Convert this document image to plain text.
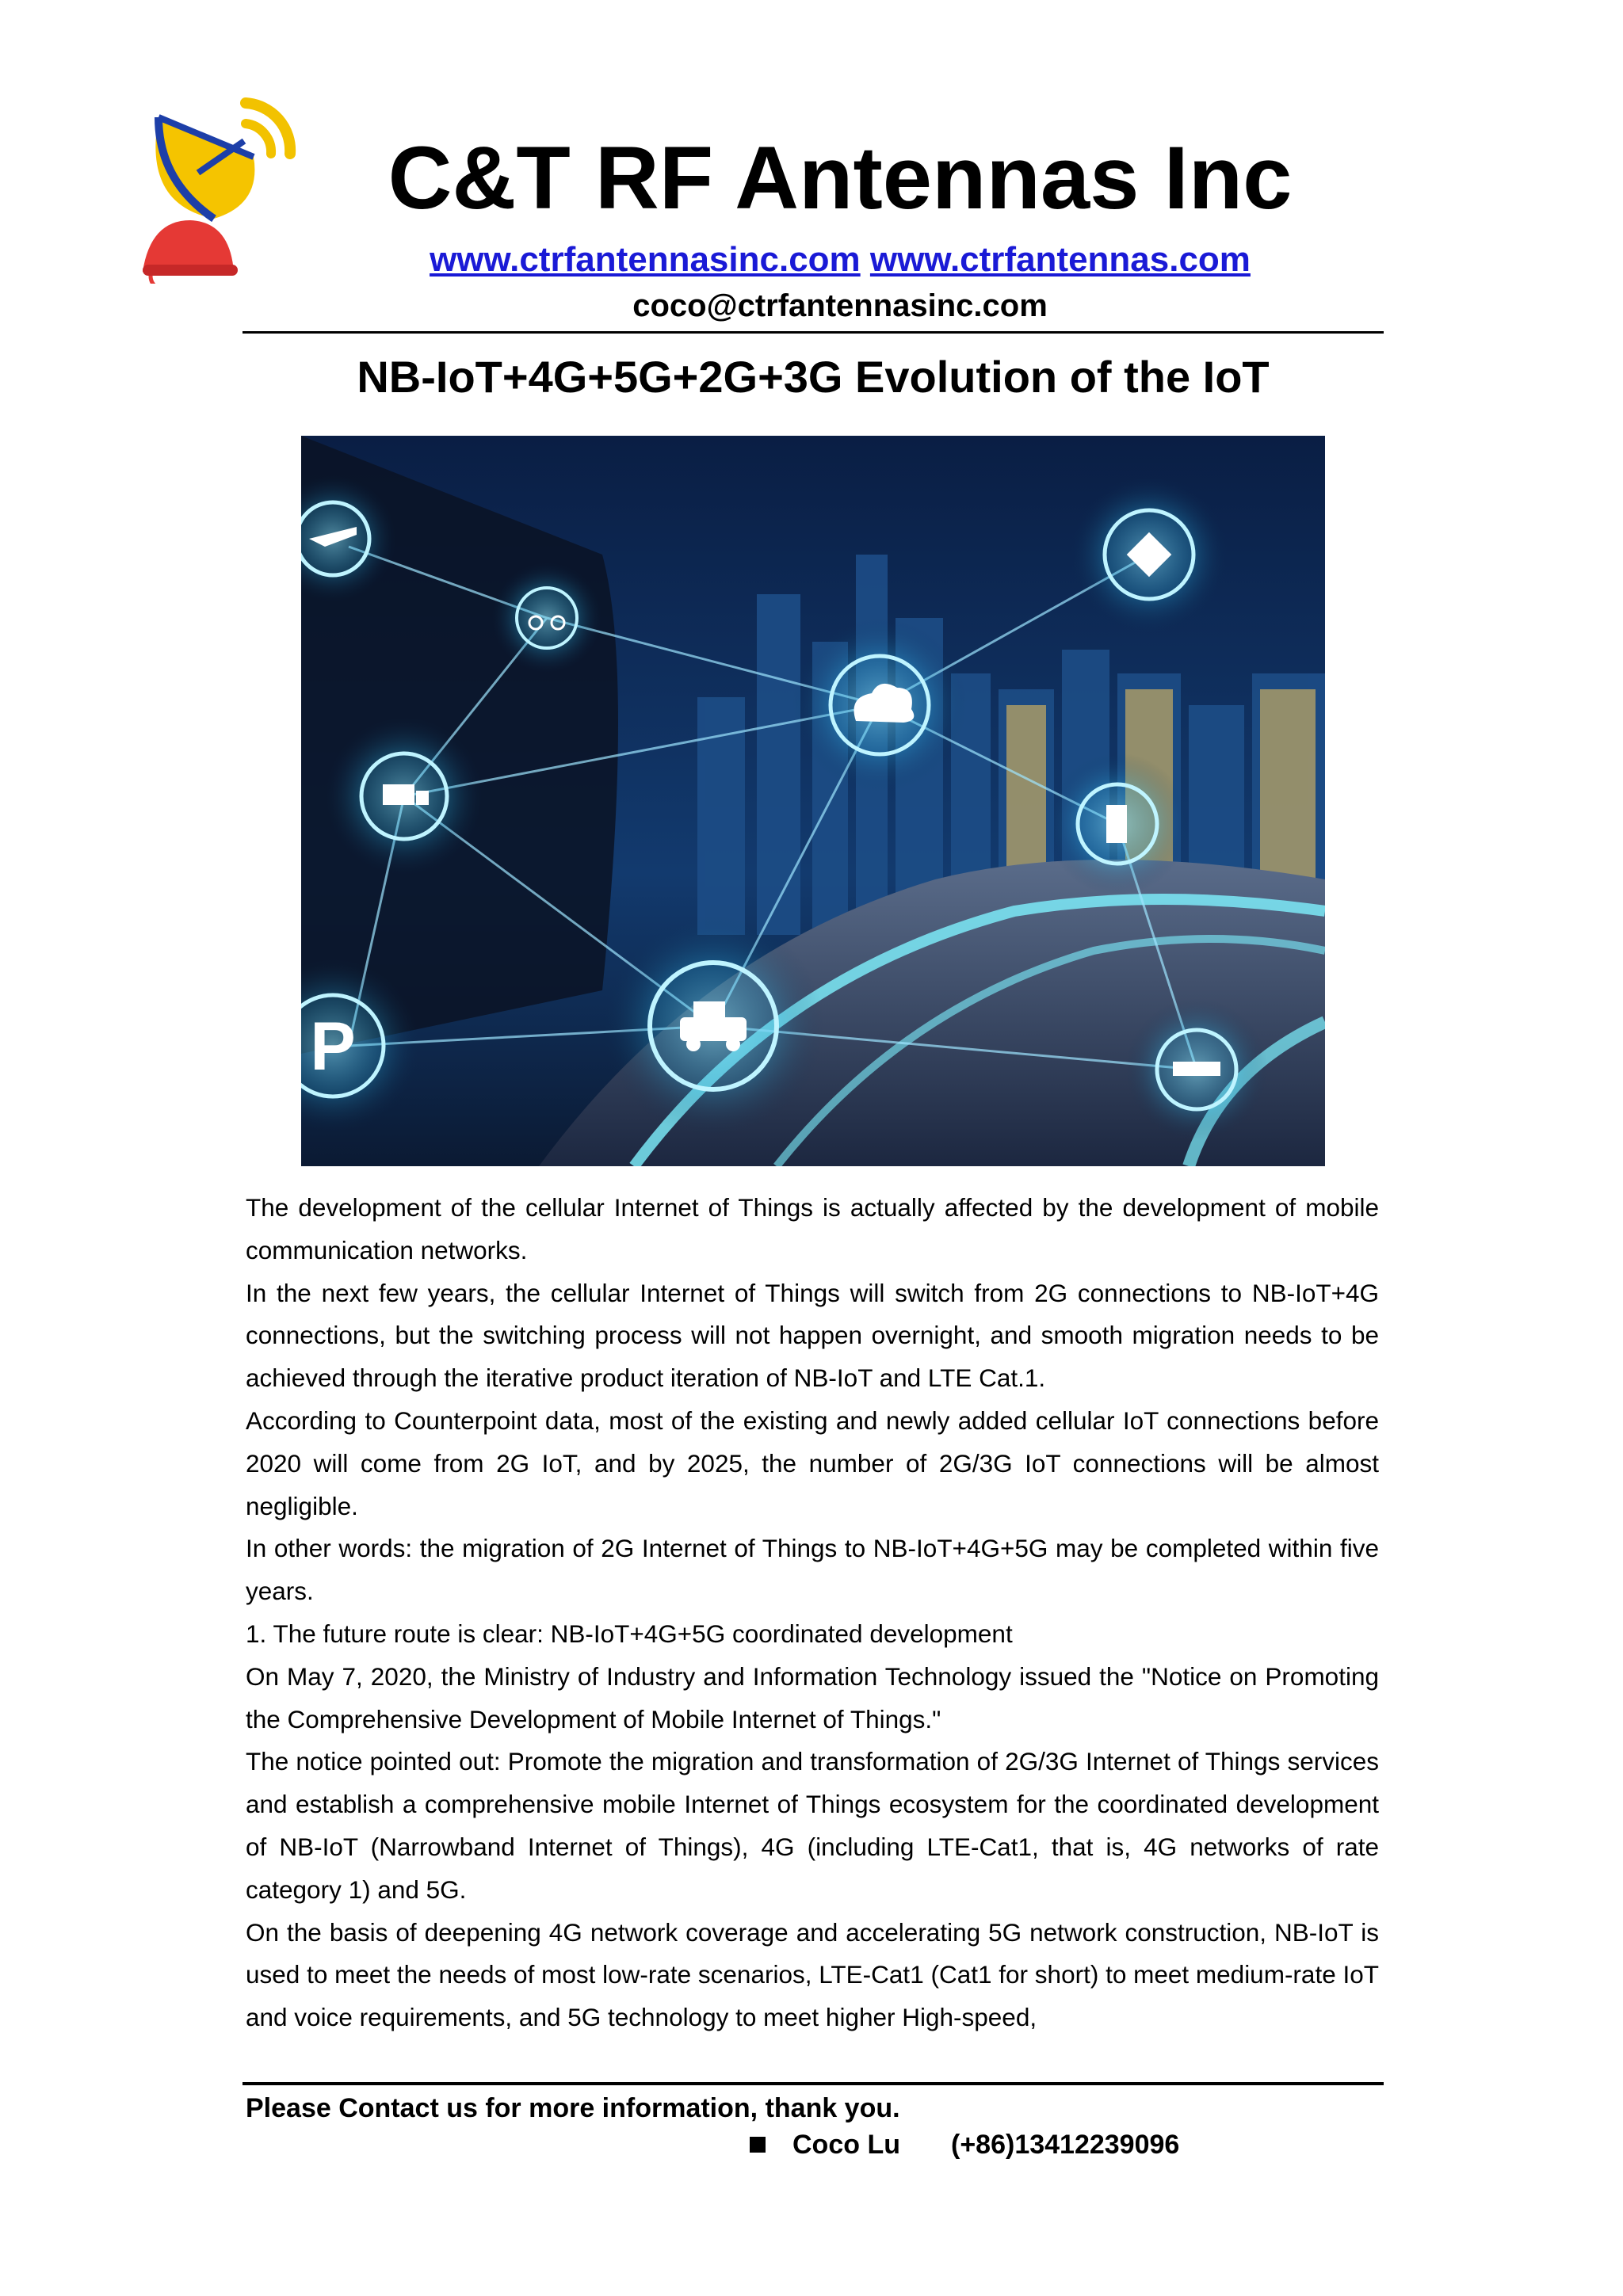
C&T RF Antennas Inc
www.ctrfantennasinc.com www.ctrfantennas.com
coco@ctrfantennasinc.com
NB-IoT+4G+5G+2G+3G Evolution of the IoT
P

The development of the cellular Internet of Things is actually affected by the development of mobile communication networks.

In the next few years, the cellular Internet of Things will switch from 2G connections to NB-IoT+4G connections, but the switching process will not happen overnight, and smooth migration needs to be achieved through the iterative product iteration of NB-IoT and LTE Cat.1.

According to Counterpoint data, most of the existing and newly added cellular IoT connections before 2020 will come from 2G IoT, and by 2025, the number of 2G/3G IoT connections will be almost negligible.

In other words: the migration of 2G Internet of Things to NB-IoT+4G+5G may be completed within five years.

1. The future route is clear: NB-IoT+4G+5G coordinated development

On May 7, 2020, the Ministry of Industry and Information Technology issued the "Notice on Promoting the Comprehensive Development of Mobile Internet of Things."

The notice pointed out: Promote the migration and transformation of 2G/3G Internet of Things services and establish a comprehensive mobile Internet of Things ecosystem for the coordinated development of NB-IoT (Narrowband Internet of Things), 4G (including LTE-Cat1, that is, 4G networks of rate category 1) and 5G.

On the basis of deepening 4G network coverage and accelerating 5G network construction, NB-IoT is used to meet the needs of most low-rate scenarios, LTE-Cat1 (Cat1 for short) to meet medium-rate IoT and voice requirements, and 5G technology to meet higher High-speed,

Please Contact us for more information, thank you.
Coco Lu	(+86)13412239096
